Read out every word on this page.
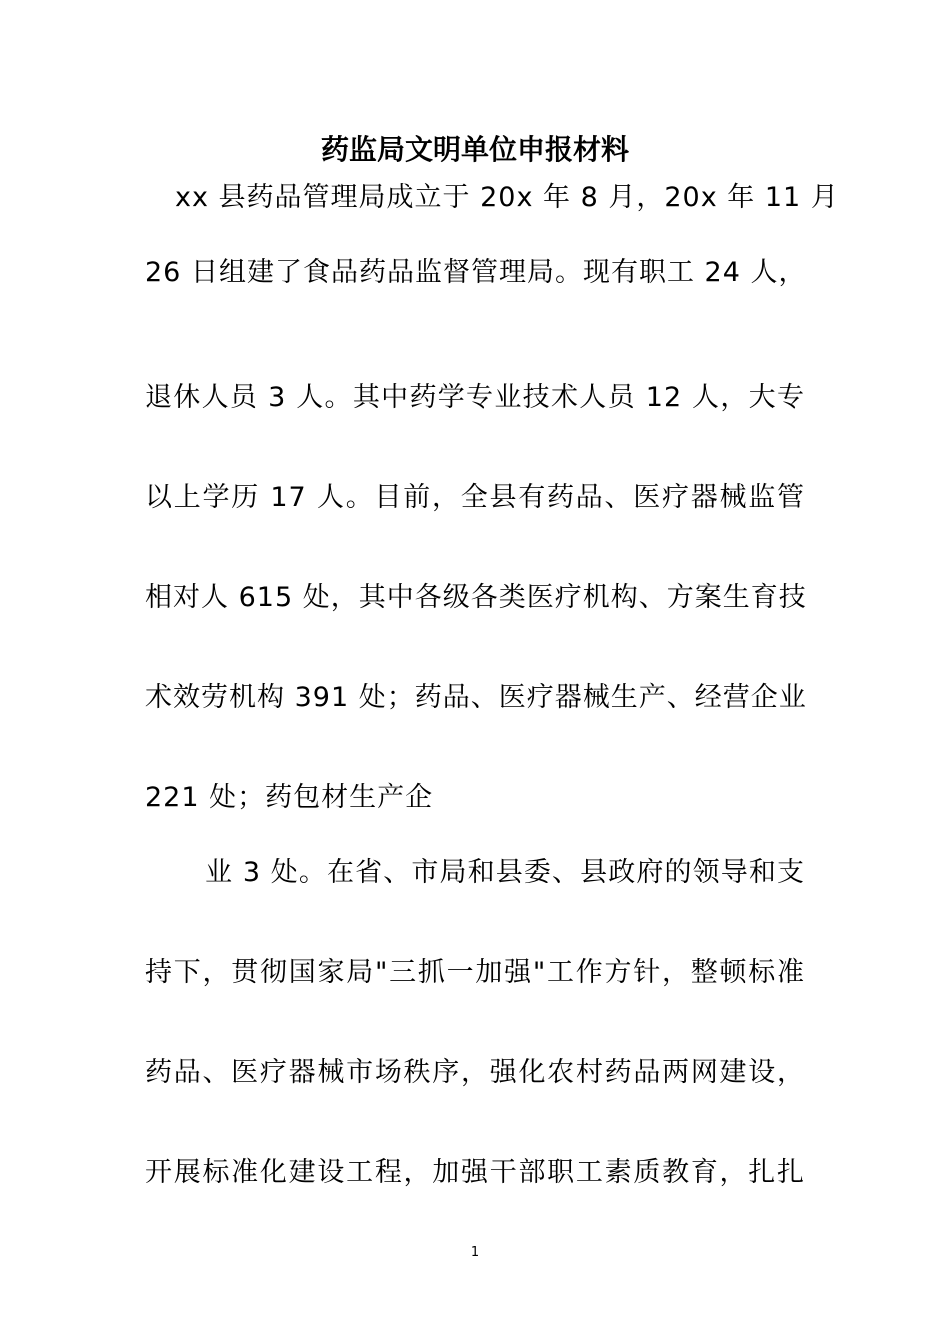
药监局文明单位申报材料
xx 县药品管理局成立于 20x 年 8 月，20x 年 11 月
26 日组建了食品药品监督管理局。现有职工 24 人，
退休人员 3 人。其中药学专业技术人员 12 人，大专
以上学历 17 人。目前，全县有药品、医疗器械监管
相对人 615 处，其中各级各类医疗机构、方案生育技
术效劳机构 391 处；药品、医疗器械生产、经营企业
221 处；药包材生产企
业 3 处。在省、市局和县委、县政府的领导和支
持下，贯彻国家局"三抓一加强"工作方针，整顿标准
药品、医疗器械市场秩序，强化农村药品两网建设，
开展标准化建设工程，加强干部职工素质教育，扎扎
1
